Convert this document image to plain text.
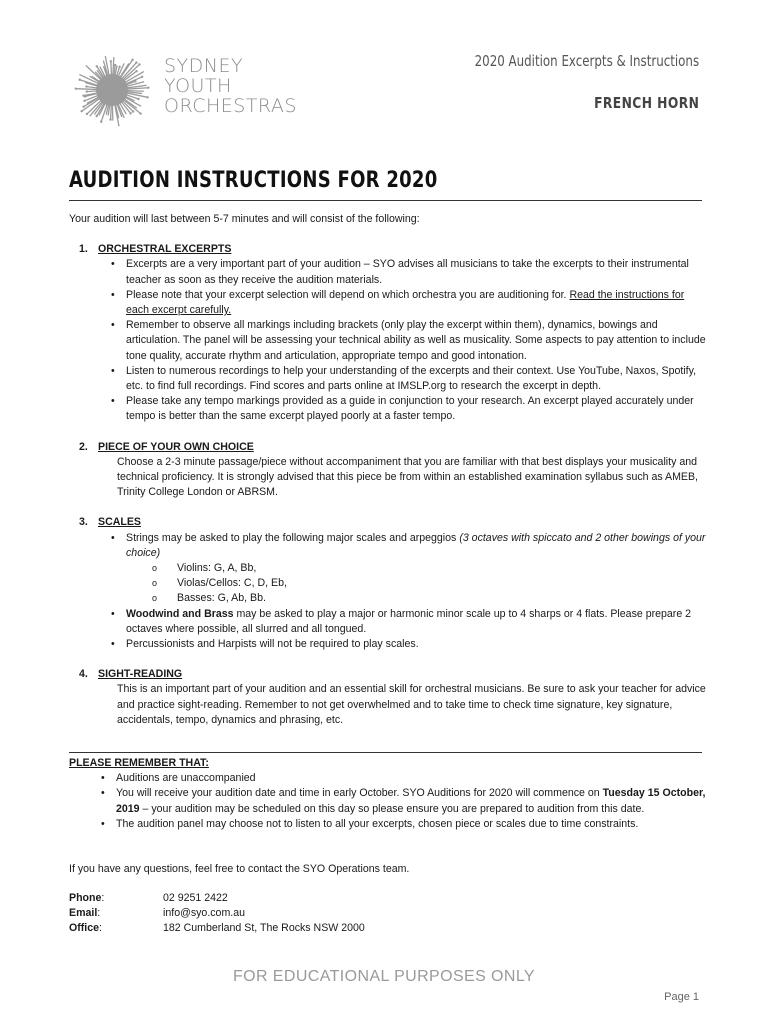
SYDNEY
YOUTH
ORCHESTRAS
2020 Audition Excerpts & Instructions
FRENCH HORN
AUDITION INSTRUCTIONS FOR 2020

Your audition will last between 5-7 minutes and will consist of the following:

1. ORCHESTRAL EXCERPTS
• Excerpts are a very important part of your audition – SYO advises all musicians to take the excerpts to their instrumental teacher as soon as they receive the audition materials.
• Please note that your excerpt selection will depend on which orchestra you are auditioning for. Read the instructions for each excerpt carefully.
• Remember to observe all markings including brackets (only play the excerpt within them), dynamics, bowings and articulation. The panel will be assessing your technical ability as well as musicality. Some aspects to pay attention to include tone quality, accurate rhythm and articulation, appropriate tempo and good intonation.
• Listen to numerous recordings to help your understanding of the excerpts and their context. Use YouTube, Naxos, Spotify, etc. to find full recordings. Find scores and parts online at IMSLP.org to research the excerpt in depth.
• Please take any tempo markings provided as a guide in conjunction to your research. An excerpt played accurately under tempo is better than the same excerpt played poorly at a faster tempo.
2. PIECE OF YOUR OWN CHOICE

Choose a 2-3 minute passage/piece without accompaniment that you are familiar with that best displays your musicality and technical proficiency. It is strongly advised that this piece be from within an established examination syllabus such as AMEB, Trinity College London or ABRSM.

3. SCALES
• Strings may be asked to play the following major scales and arpeggios (3 octaves with spiccato and 2 other bowings of your choice)
o Violins: G, A, Bb,
o Violas/Cellos: C, D, Eb,
o Basses: G, Ab, Bb.
• Woodwind and Brass may be asked to play a major or harmonic minor scale up to 4 sharps or 4 flats. Please prepare 2 octaves where possible, all slurred and all tongued.
• Percussionists and Harpists will not be required to play scales.
4. SIGHT-READING

This is an important part of your audition and an essential skill for orchestral musicians. Be sure to ask your teacher for advice and practice sight-reading. Remember to not get overwhelmed and to take time to check time signature, key signature, accidentals, tempo, dynamics and phrasing, etc.

PLEASE REMEMBER THAT:
• Auditions are unaccompanied
• You will receive your audition date and time in early October. SYO Auditions for 2020 will commence on Tuesday 15 October, 2019 – your audition may be scheduled on this day so please ensure you are prepared to audition from this date.
• The audition panel may choose not to listen to all your excerpts, chosen piece or scales due to time constraints.
If you have any questions, feel free to contact the SYO Operations team.
Phone:	02 9251 2422
Email:	info@syo.com.au
Office:	182 Cumberland St, The Rocks NSW 2000
FOR EDUCATIONAL PURPOSES ONLY
Page 1
